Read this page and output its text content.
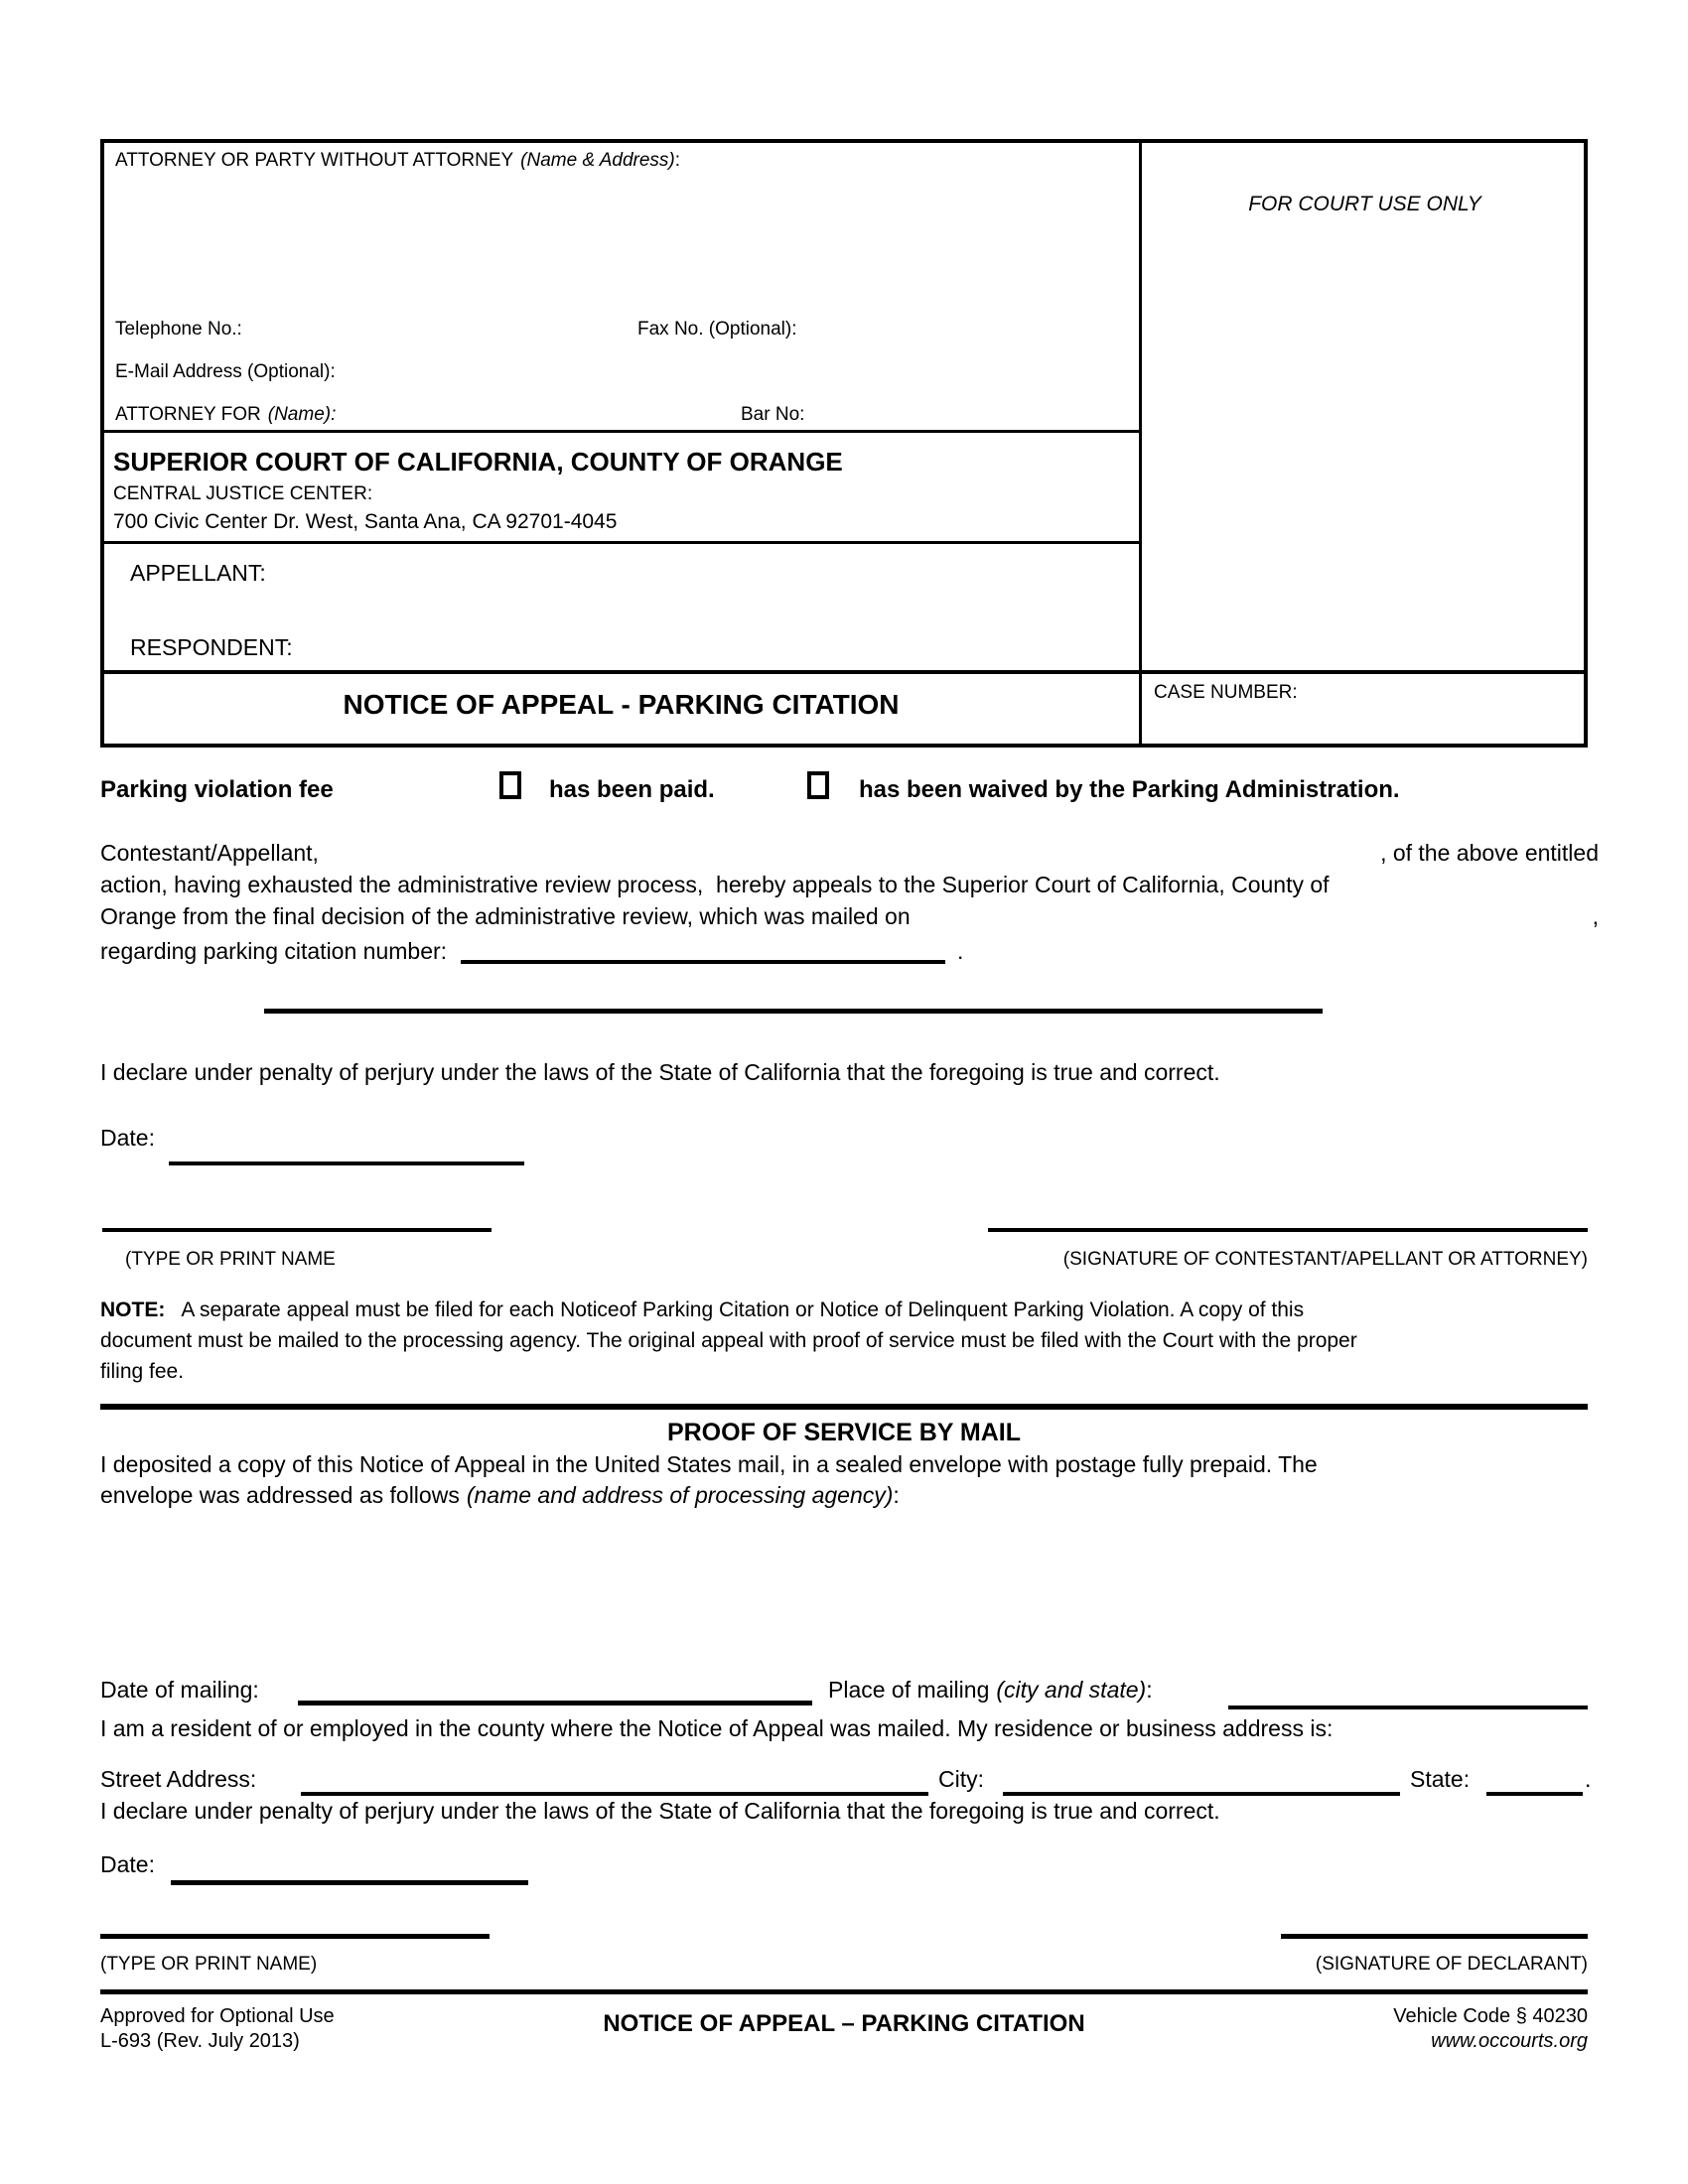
ATTORNEY OR PARTY WITHOUT ATTORNEY (Name & Address):
Telephone No.:	Fax No. (Optional):
E-Mail Address (Optional):
ATTORNEY FOR (Name):	Bar No:
FOR COURT USE ONLY
SUPERIOR COURT OF CALIFORNIA, COUNTY OF ORANGE
CENTRAL JUSTICE CENTER:
700 Civic Center Dr. West, Santa Ana, CA 92701-4045
APPELLANT:
RESPONDENT:
NOTICE OF APPEAL - PARKING CITATION	CASE NUMBER:
Parking violation fee	has been paid.	has been waived by the Parking Administration.
Contestant/Appellant,	, of the above entitled
action, having exhausted the administrative review process,  hereby appeals to the Superior Court of California, County of
Orange from the final decision of the administrative review, which was mailed on	,
regarding parking citation number:	.
I declare under penalty of perjury under the laws of the State of California that the foregoing is true and correct.
Date:
(TYPE OR PRINT NAME	(SIGNATURE OF CONTESTANT/APELLANT OR ATTORNEY)
NOTE: A separate appeal must be filed for each Noticeof Parking Citation or Notice of Delinquent Parking Violation. A copy of this
document must be mailed to the processing agency. The original appeal with proof of service must be filed with the Court with the proper
filing fee.
PROOF OF SERVICE BY MAIL
I deposited a copy of this Notice of Appeal in the United States mail, in a sealed envelope with postage fully prepaid. The
envelope was addressed as follows (name and address of processing agency):
Date of mailing:	Place of mailing (city and state):
I am a resident of or employed in the county where the Notice of Appeal was mailed. My residence or business address is:
Street Address:	City:	State:	.
I declare under penalty of perjury under the laws of the State of California that the foregoing is true and correct.
Date:
(TYPE OR PRINT NAME)	(SIGNATURE OF DECLARANT)
Approved for Optional Use
L-693 (Rev. July 2013)
NOTICE OF APPEAL – PARKING CITATION	Vehicle Code § 40230
www.occourts.org
